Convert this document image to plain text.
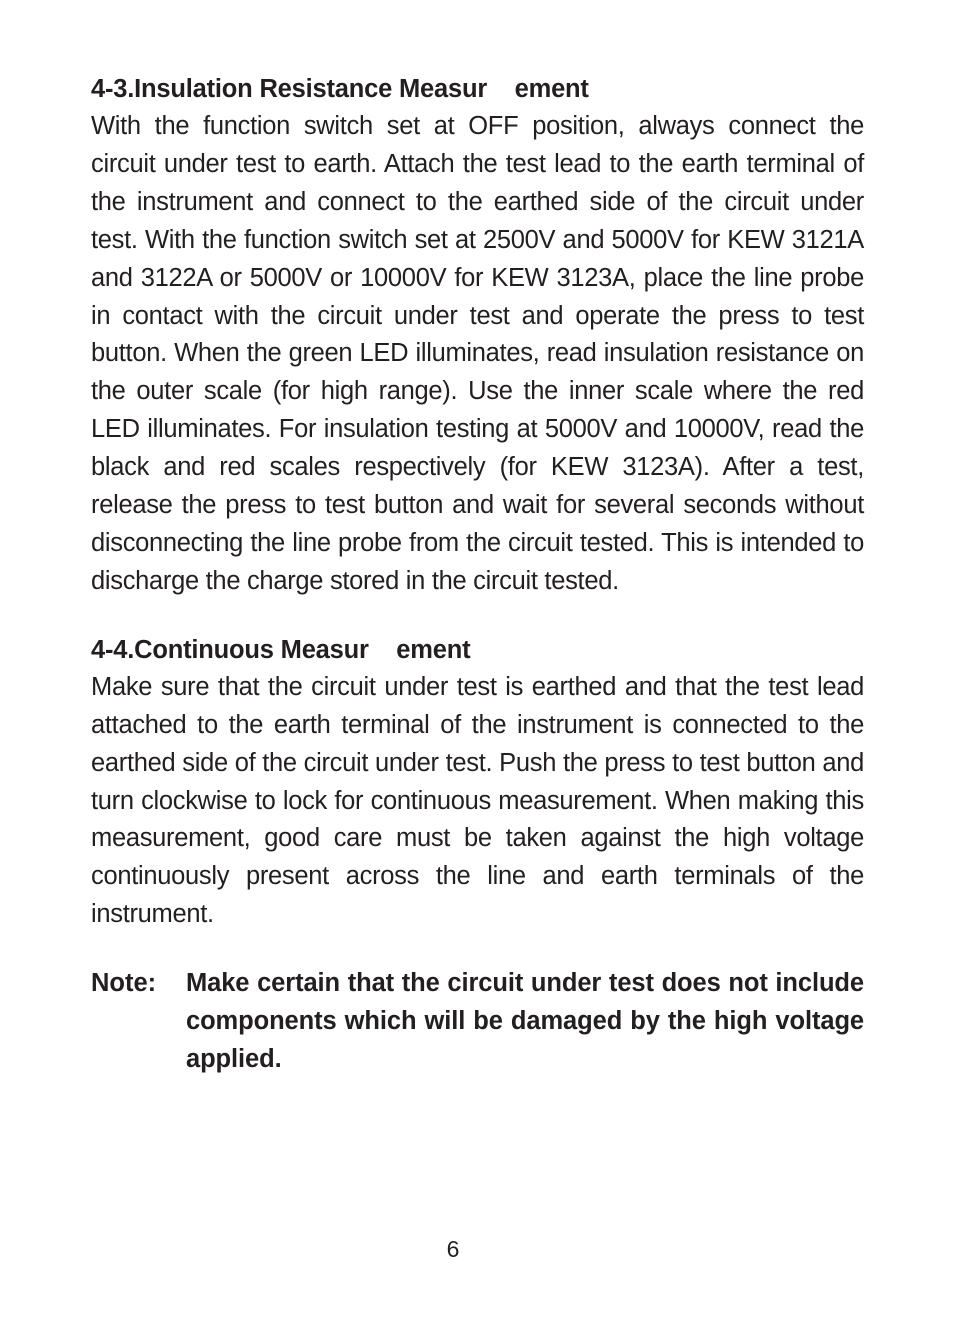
4-3.Insulation Resistance Measur    ement

With the function switch set at OFF position, always connect the circuit under test to earth. Attach the test lead to the earth terminal of the instrument and connect to the earthed side of the circuit under test. With the function switch set at 2500V and 5000V for KEW 3121A and 3122A or 5000V or 10000V for KEW 3123A, place the line probe in contact with the circuit under test and operate the press to test button. When the green LED illuminates, read insulation resistance on the outer scale (for high range). Use the inner scale where the red LED illuminates. For insulation testing at 5000V and 10000V, read the black and red scales respectively (for KEW 3123A). After a test, release the press to test button and wait for several seconds without disconnecting the line probe from the circuit tested. This is intended to discharge the charge stored in the circuit tested.

4-4.Continuous Measur    ement

Make sure that the circuit under test is earthed and that the test lead attached to the earth terminal of the instrument is connected to the earthed side of the circuit under test. Push the press to test button and turn clockwise to lock for continuous measurement. When making this measurement, good care must be taken against the high voltage continuously present across the line and earth terminals of the instrument.

Note:	Make certain that the circuit under test does not include components which will be damaged by the high voltage applied.
6
